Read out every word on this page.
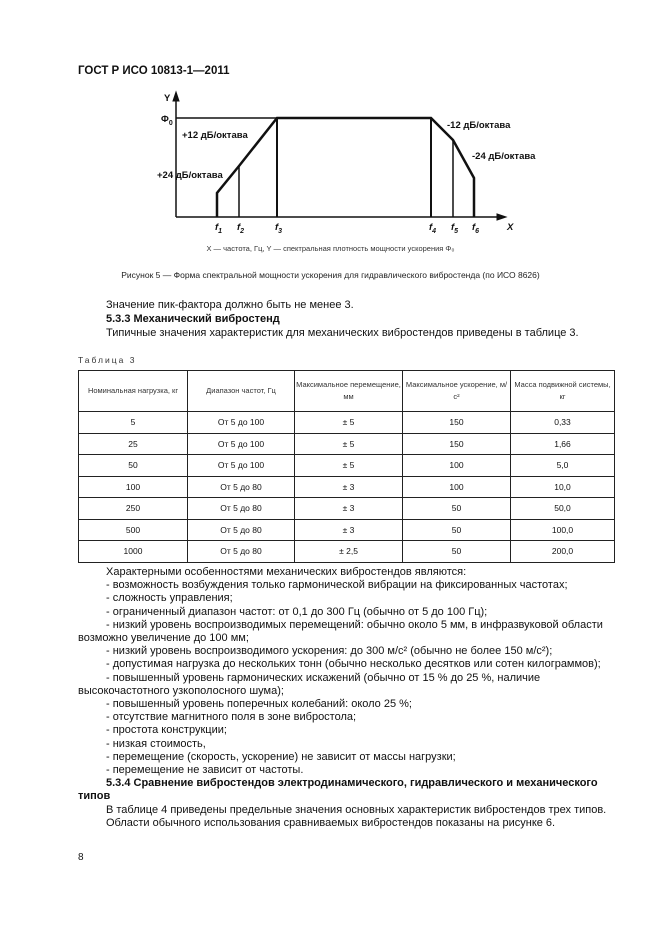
ГОСТ Р ИСО 10813-1—2011
Y
X
$\Phi_0$
+12 дБ/октава
+24 дБ/октава
-12 дБ/октава
-24 дБ/октава
$f_1$ $f_2$	$f_3$	$f_4$ $f_5$ $f_6$
X — частота, Гц, Y — спектральная плотность мощности ускорения Φ₀
Рисунок 5 — Форма спектральной мощности ускорения для гидравлического вибростенда (по ИСО 8626)
Значение пик-фактора должно быть не менее 3.
5.3.3 Механический вибростенд
Типичные значения характеристик для механических вибростендов приведены в таблице 3.
Таблица 3
Номинальная нагрузка, кг	Диапазон частот, Гц	Максимальное перемещение, мм	Максимальное ускорение, м/с²	Масса подвижной системы, кг
5	От 5 до 100	± 5	150	0,33
25	От 5 до 100	± 5	150	1,66
50	От 5 до 100	± 5	100	5,0
100	От 5 до 80	± 3	100	10,0
250	От 5 до 80	± 3	50	50,0
500	От 5 до 80	± 3	50	100,0
1000	От 5 до 80	± 2,5	50	200,0
Характерными особенностями механических вибростендов являются:
- возможность возбуждения только гармонической вибрации на фиксированных частотах;
- сложность управления;
- ограниченный диапазон частот: от 0,1 до 300 Гц (обычно от 5 до 100 Гц);
- низкий уровень воспроизводимых перемещений: обычно около 5 мм, в инфразвуковой области возможно увеличение до 100 мм;
- низкий уровень воспроизводимого ускорения: до 300 м/с² (обычно не более 150 м/с²);
- допустимая нагрузка до нескольких тонн (обычно несколько десятков или сотен килограммов);
- повышенный уровень гармонических искажений (обычно от 15 % до 25 %, наличие высокочастотного узкополосного шума);
- повышенный уровень поперечных колебаний: около 25 %;
- отсутствие магнитного поля в зоне вибростола;
- простота конструкции;
- низкая стоимость,
- перемещение (скорость, ускорение) не зависит от массы нагрузки;
- перемещение не зависит от частоты.
5.3.4 Сравнение вибростендов электродинамического, гидравлического и механического типов
В таблице 4 приведены предельные значения основных характеристик вибростендов трех типов.
Области обычного использования сравниваемых вибростендов показаны на рисунке 6.
8
